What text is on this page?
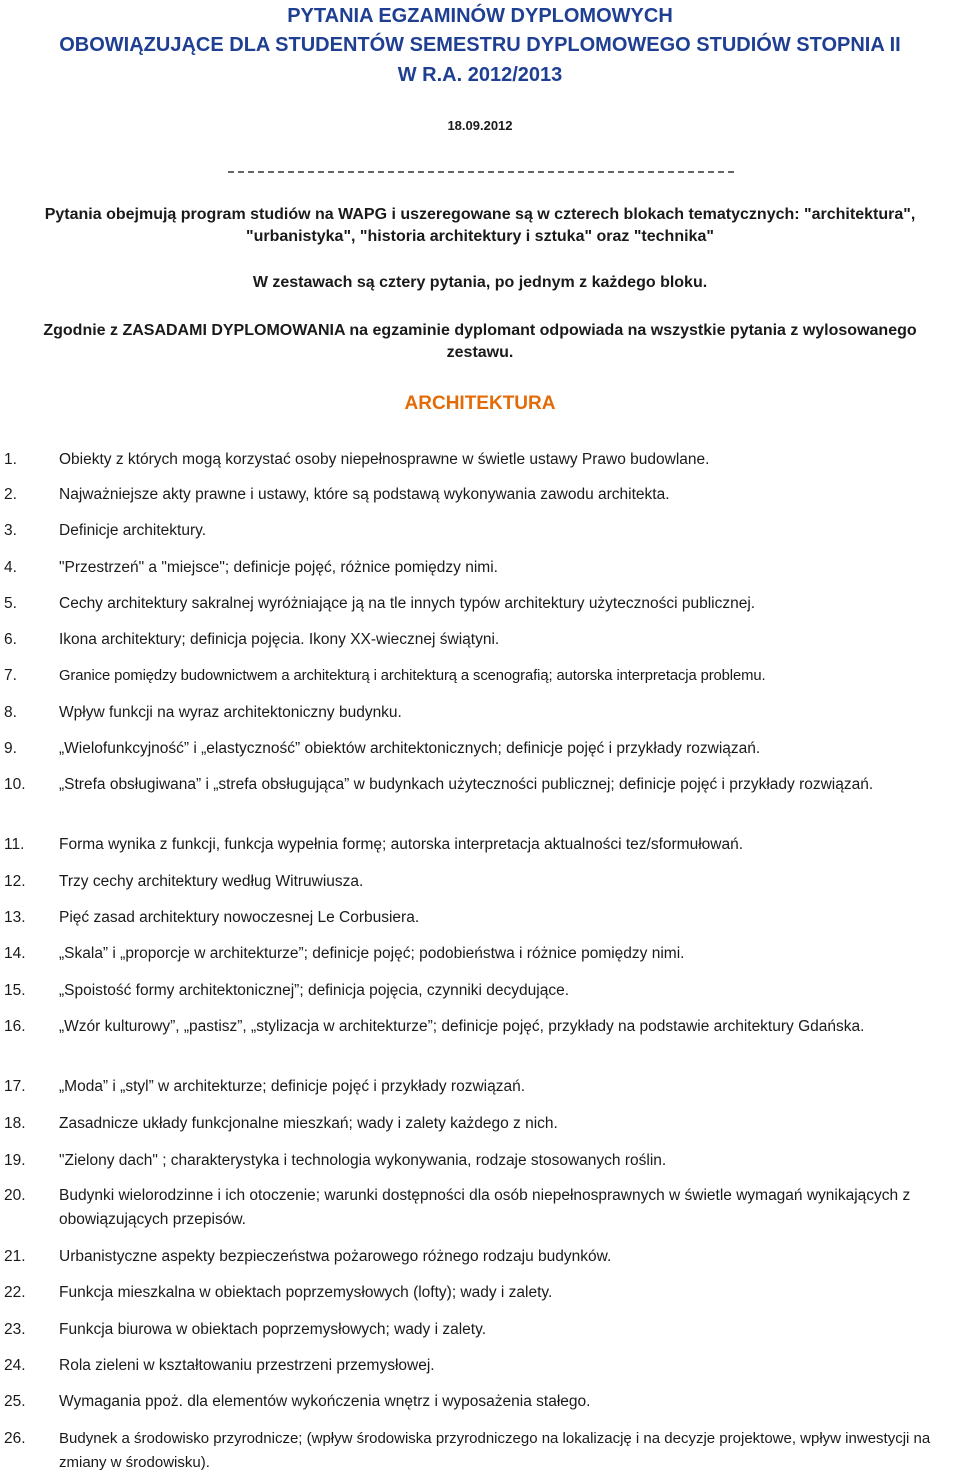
PYTANIA EGZAMINÓW DYPLOMOWYCH
OBOWIĄZUJĄCE DLA STUDENTÓW SEMESTRU DYPLOMOWEGO STUDIÓW STOPNIA II
W R.A. 2012/2013
18.09.2012

Pytania obejmują program studiów na WAPG i uszeregowane są w czterech blokach tematycznych: "architektura", "urbanistyka", "historia architektury i sztuka" oraz "technika"

W zestawach są cztery pytania, po jednym z każdego bloku.

Zgodnie z ZASADAMI DYPLOMOWANIA na egzaminie dyplomant odpowiada na wszystkie pytania z wylosowanego zestawu.

ARCHITEKTURA
1.	Obiekty z których mogą korzystać osoby niepełnosprawne w świetle ustawy Prawo budowlane.
2.	Najważniejsze akty prawne i ustawy, które są podstawą wykonywania zawodu architekta.
3.	Definicje architektury.
4.	"Przestrzeń" a "miejsce"; definicje pojęć, różnice pomiędzy nimi.
5.	Cechy architektury sakralnej wyróżniające ją na tle innych typów architektury użyteczności publicznej.
6.	Ikona architektury; definicja pojęcia. Ikony XX-wiecznej świątyni.
7.	Granice pomiędzy budownictwem a architekturą i architekturą a scenografią; autorska interpretacja problemu.
8.	Wpływ funkcji na wyraz architektoniczny budynku.
9.	„Wielofunkcyjność” i „elastyczność” obiektów architektonicznych; definicje pojęć i przykłady rozwiązań.
10. „Strefa obsługiwana” i „strefa obsługująca” w budynkach użyteczności publicznej; definicje pojęć i przykłady rozwiązań.
11. Forma wynika z funkcji, funkcja wypełnia formę; autorska interpretacja aktualności tez/sformułowań.
12. Trzy cechy architektury według Witruwiusza.
13. Pięć zasad architektury nowoczesnej Le Corbusiera.
14. „Skala” i „proporcje w architekturze”; definicje pojęć; podobieństwa i różnice pomiędzy nimi.
15. „Spoistość formy architektonicznej”; definicja pojęcia, czynniki decydujące.
16. „Wzór kulturowy”, „pastisz”, „stylizacja w architekturze”; definicje pojęć, przykłady na podstawie architektury Gdańska.
17. „Moda” i „styl” w architekturze; definicje pojęć i przykłady rozwiązań.
18. Zasadnicze układy funkcjonalne mieszkań; wady i zalety każdego z nich.
19. "Zielony dach" ; charakterystyka i technologia wykonywania, rodzaje stosowanych roślin.
20. Budynki wielorodzinne i ich otoczenie; warunki dostępności dla osób niepełnosprawnych w świetle wymagań wynikających z obowiązujących przepisów.
21. Urbanistyczne aspekty bezpieczeństwa pożarowego różnego rodzaju budynków.
22. Funkcja mieszkalna w obiektach poprzemysłowych (lofty); wady i zalety.
23. Funkcja biurowa w obiektach poprzemysłowych; wady i zalety.
24. Rola zieleni w kształtowaniu przestrzeni przemysłowej.
25. Wymagania ppoż. dla elementów wykończenia wnętrz i wyposażenia stałego.
26. Budynek a środowisko przyrodnicze; (wpływ środowiska przyrodniczego na lokalizację i na decyzje projektowe, wpływ inwestycji na zmiany w środowisku).
